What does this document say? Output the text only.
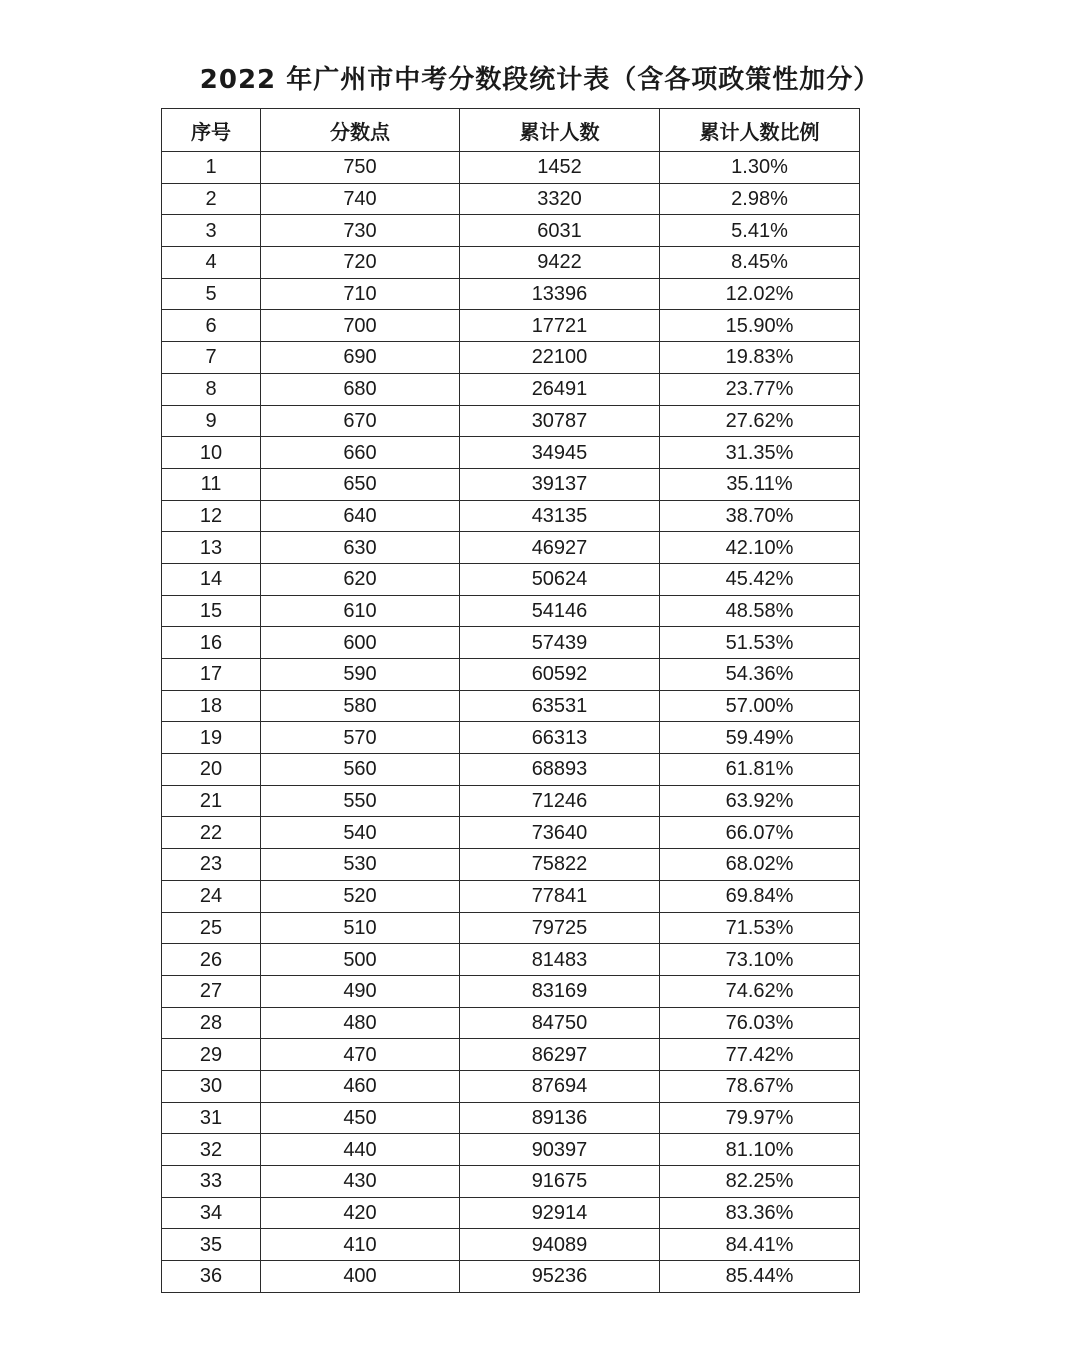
2022 年广州市中考分数段统计表（含各项政策性加分）
序号	分数点	累计人数	累计人数比例
1	750	1452	1.30%
2	740	3320	2.98%
3	730	6031	5.41%
4	720	9422	8.45%
5	710	13396	12.02%
6	700	17721	15.90%
7	690	22100	19.83%
8	680	26491	23.77%
9	670	30787	27.62%
10	660	34945	31.35%
11	650	39137	35.11%
12	640	43135	38.70%
13	630	46927	42.10%
14	620	50624	45.42%
15	610	54146	48.58%
16	600	57439	51.53%
17	590	60592	54.36%
18	580	63531	57.00%
19	570	66313	59.49%
20	560	68893	61.81%
21	550	71246	63.92%
22	540	73640	66.07%
23	530	75822	68.02%
24	520	77841	69.84%
25	510	79725	71.53%
26	500	81483	73.10%
27	490	83169	74.62%
28	480	84750	76.03%
29	470	86297	77.42%
30	460	87694	78.67%
31	450	89136	79.97%
32	440	90397	81.10%
33	430	91675	82.25%
34	420	92914	83.36%
35	410	94089	84.41%
36	400	95236	85.44%
